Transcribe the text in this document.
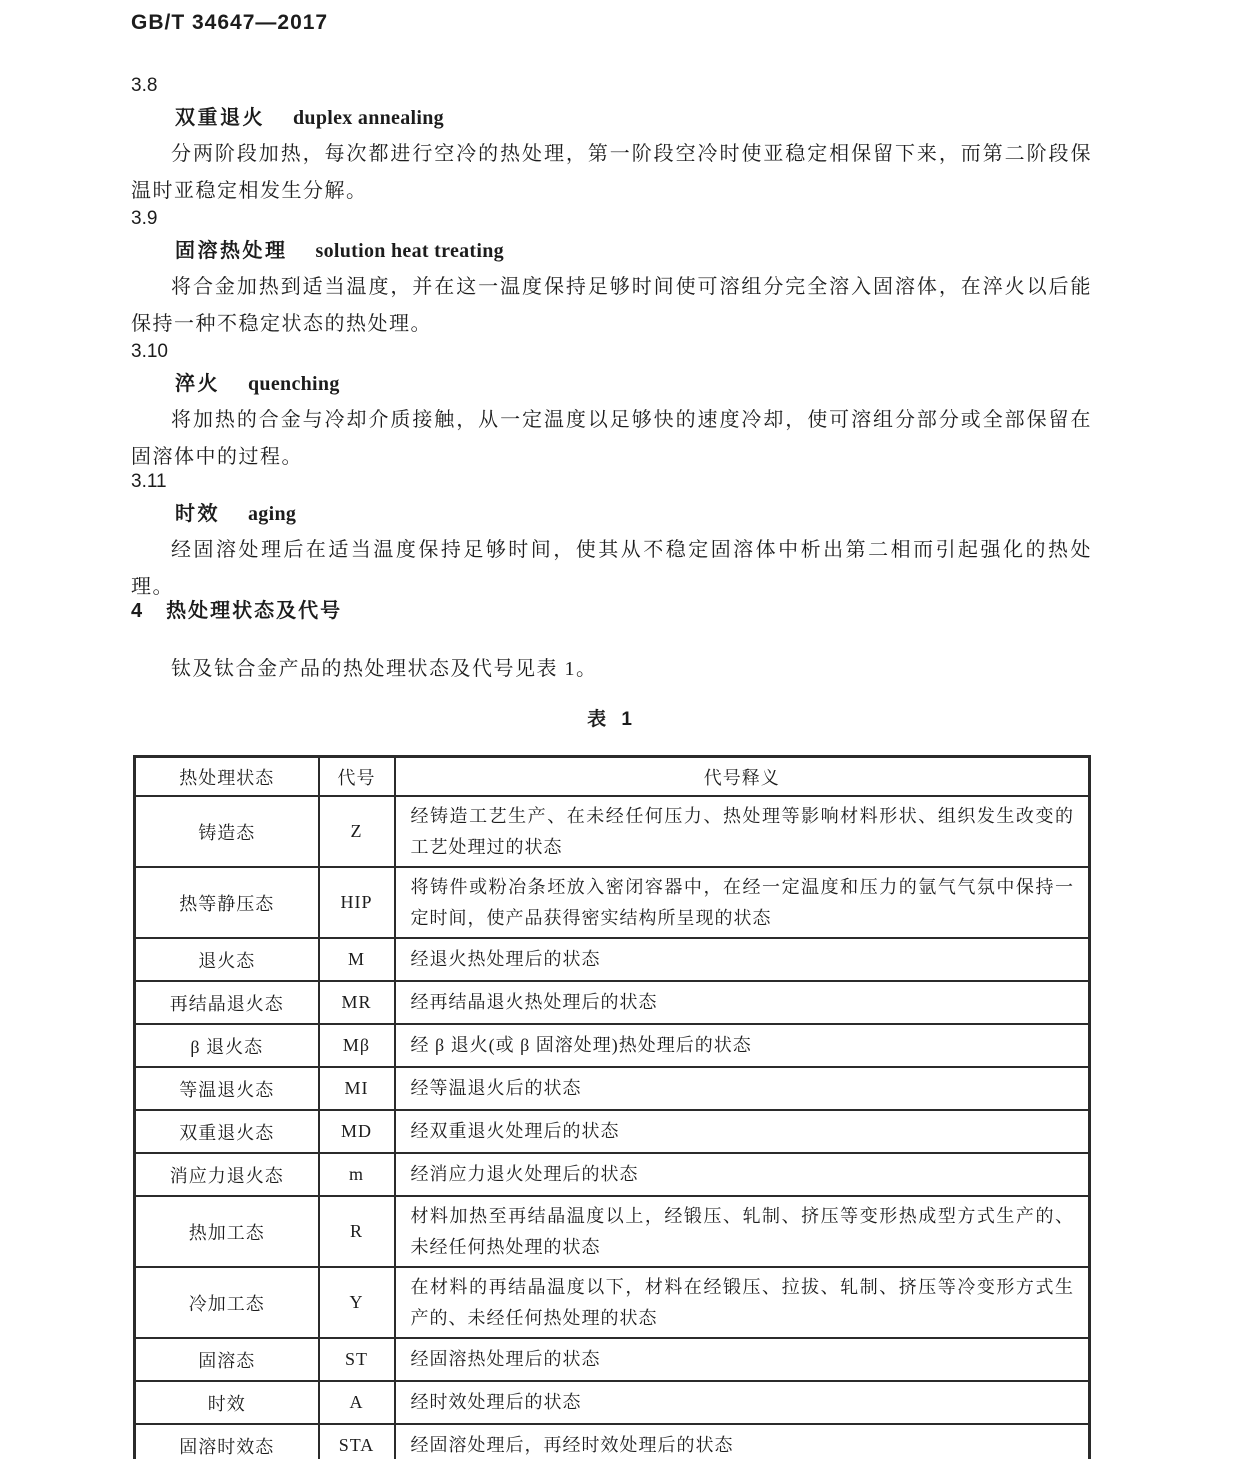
GB/T 34647—2017
3.8
双重退火 duplex annealing
分两阶段加热，每次都进行空冷的热处理，第一阶段空冷时使亚稳定相保留下来，而第二阶段保温时亚稳定相发生分解。
3.9
固溶热处理 solution heat treating
将合金加热到适当温度，并在这一温度保持足够时间使可溶组分完全溶入固溶体，在淬火以后能保持一种不稳定状态的热处理。
3.10
淬火 quenching
将加热的合金与冷却介质接触，从一定温度以足够快的速度冷却，使可溶组分部分或全部保留在固溶体中的过程。
3.11
时效 aging
经固溶处理后在适当温度保持足够时间，使其从不稳定固溶体中析出第二相而引起强化的热处理。
4 热处理状态及代号
钛及钛合金产品的热处理状态及代号见表 1。
表 1
热处理状态	代号	代号释义
铸造态	Z	经铸造工艺生产、在未经任何压力、热处理等影响材料形状、组织发生改变的工艺处理过的状态
热等静压态	HIP	将铸件或粉冶条坯放入密闭容器中，在经一定温度和压力的氩气气氛中保持一定时间，使产品获得密实结构所呈现的状态
退火态	M	经退火热处理后的状态
再结晶退火态	MR	经再结晶退火热处理后的状态
β 退火态	Mβ	经 β 退火(或 β 固溶处理)热处理后的状态
等温退火态	MI	经等温退火后的状态
双重退火态	MD	经双重退火处理后的状态
消应力退火态	m	经消应力退火处理后的状态
热加工态	R	材料加热至再结晶温度以上，经锻压、轧制、挤压等变形热成型方式生产的、未经任何热处理的状态
冷加工态	Y	在材料的再结晶温度以下，材料在经锻压、拉拔、轧制、挤压等冷变形方式生产的、未经任何热处理的状态
固溶态	ST	经固溶热处理后的状态
时效	A	经时效处理后的状态
固溶时效态	STA	经固溶处理后，再经时效处理后的状态
